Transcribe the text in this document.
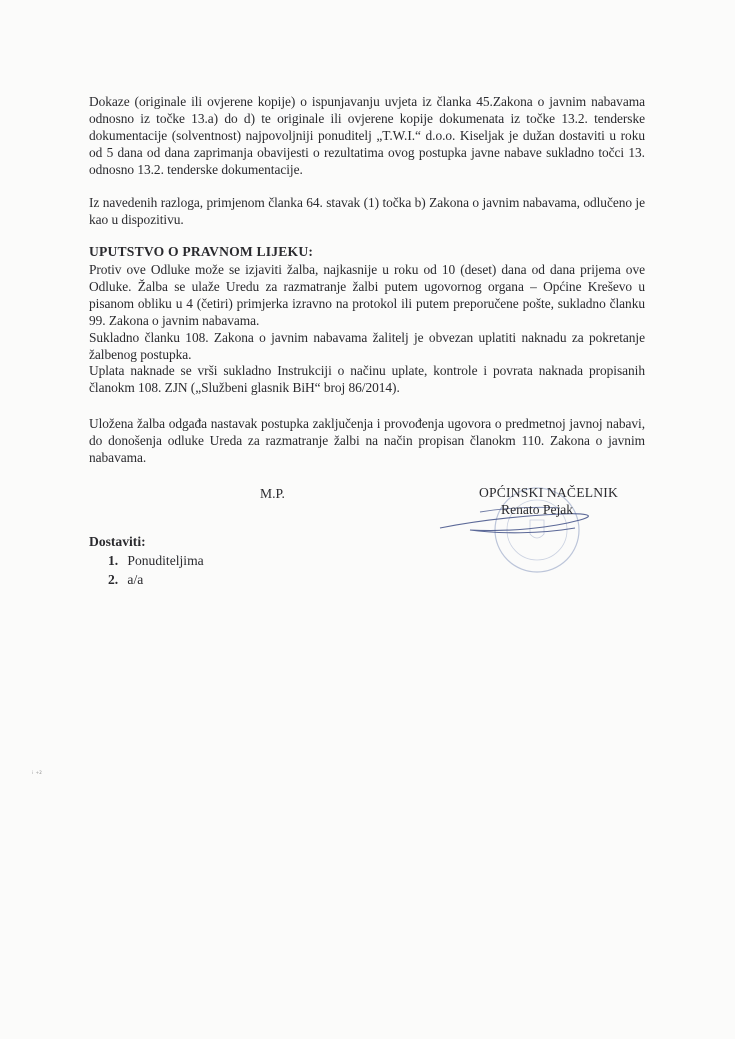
Dokaze (originale ili ovjerene kopije) o ispunjavanju uvjeta iz članka 45.Zakona o javnim nabavama odnosno iz točke 13.a) do d) te originale ili ovjerene kopije dokumenata iz točke 13.2. tenderske dokumentacije (solventnost) najpovoljniji ponuditelj „T.W.I.“ d.o.o. Kiseljak je dužan dostaviti u roku od 5 dana od dana zaprimanja obavijesti o rezultatima ovog postupka javne nabave sukladno točci 13. odnosno 13.2. tenderske dokumentacije.
Iz navedenih razloga, primjenom članka 64. stavak (1) točka b) Zakona o javnim nabavama, odlučeno je kao u dispozitivu.
UPUTSTVO O PRAVNOM LIJEKU:
Protiv ove Odluke može se izjaviti žalba, najkasnije u roku od 10 (deset) dana od dana prijema ove Odluke. Žalba se ulaže Uredu za razmatranje žalbi putem ugovornog organa – Općine Kreševo u pisanom obliku u 4 (četiri) primjerka izravno na protokol ili putem preporučene pošte, sukladno članku 99. Zakona o javnim nabavama.
Sukladno članku 108. Zakona o javnim nabavama žalitelj je obvezan uplatiti naknadu za pokretanje žalbenog postupka.
Uplata naknade se vrši sukladno Instrukciji o načinu uplate, kontrole i povrata naknada propisanih članokm 108. ZJN („Službeni glasnik BiH“ broj 86/2014).
Uložena žalba odgađa nastavak postupka zaključenja i provođenja ugovora o predmetnoj javnoj nabavi, do donošenja odluke Ureda za razmatranje žalbi na način propisan članokm 110. Zakona o javnim nabavama.
M.P.	OPĆINSKI NAČELNIK
Renato Pejak
Dostaviti:
1. Ponuditeljima
2. a/a
ᵢ ₊₂
